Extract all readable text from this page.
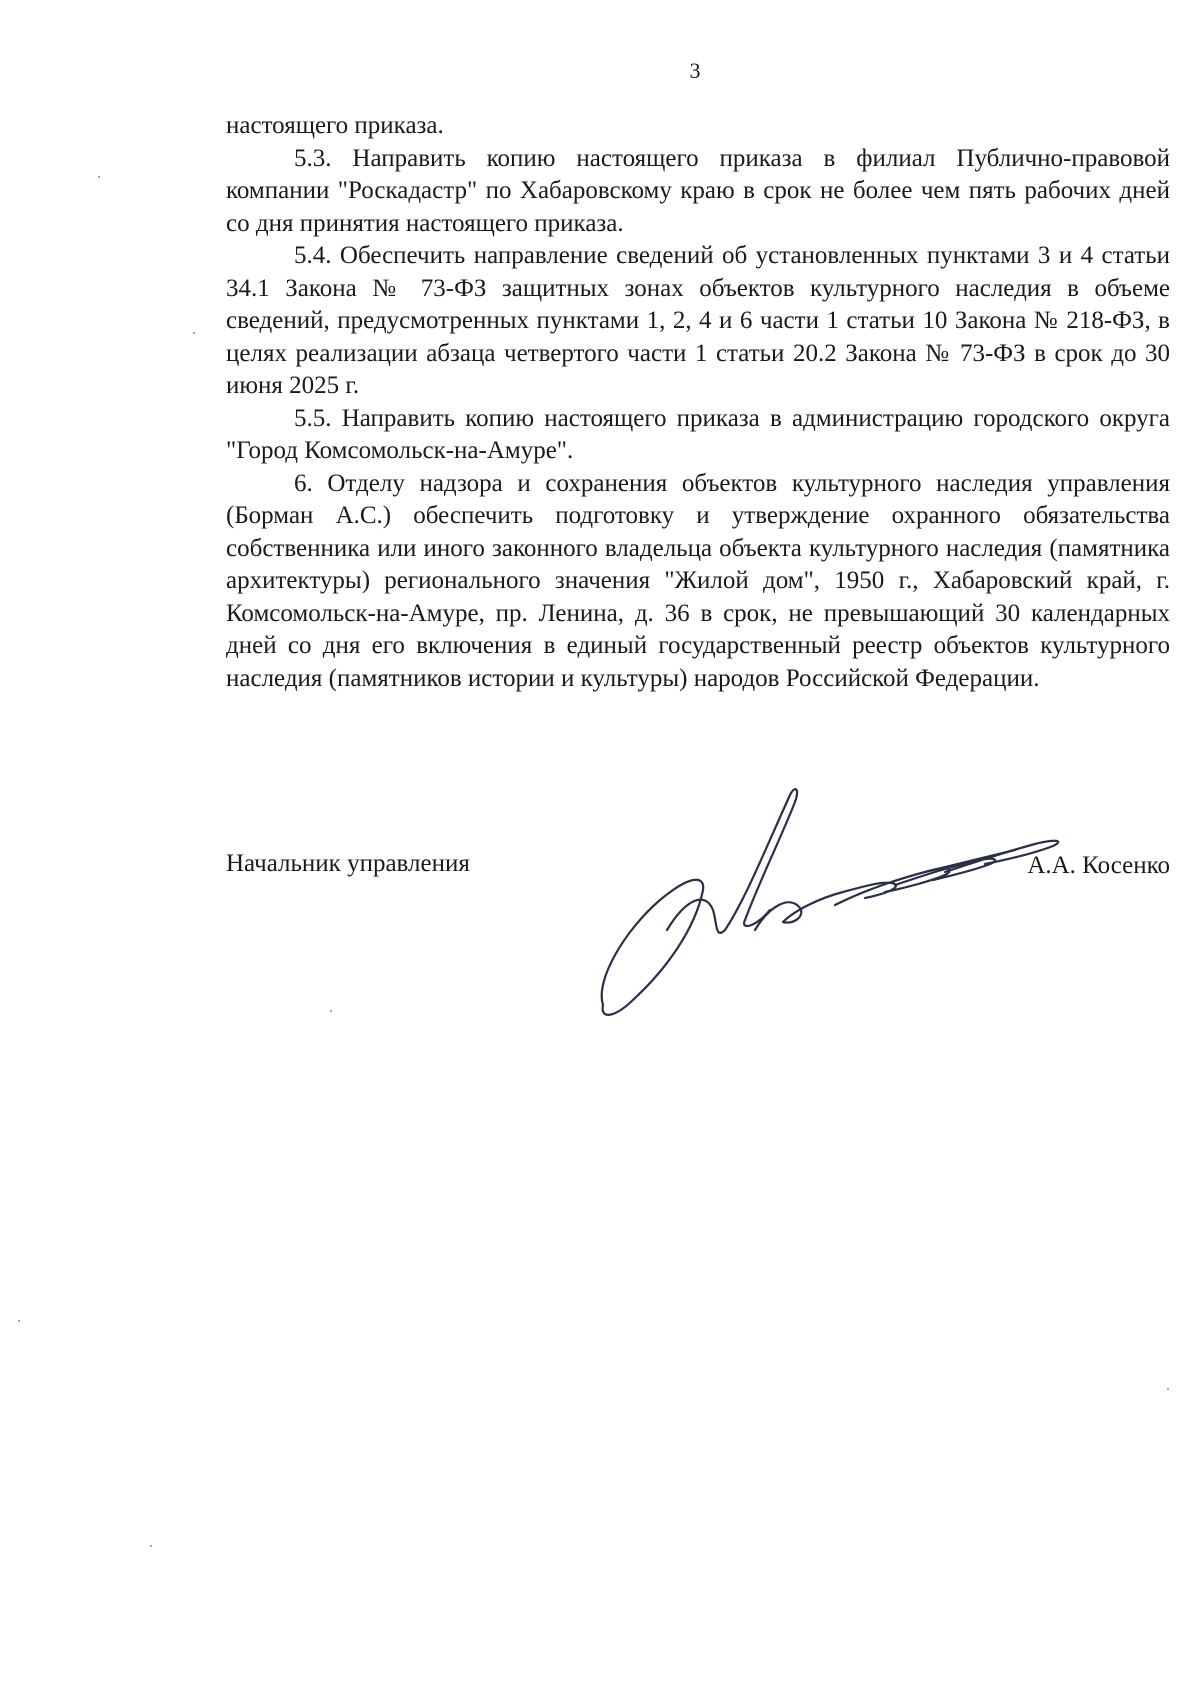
3

настоящего приказа.

5.3. Направить копию настоящего приказа в филиал Публично-правовой компании "Роскадастр" по Хабаровскому краю в срок не более чем пять рабочих дней со дня принятия настоящего приказа.

5.4. Обеспечить направление сведений об установленных пунктами 3 и 4 статьи 34.1 Закона № 73-ФЗ защитных зонах объектов культурного наследия в объеме сведений, предусмотренных пунктами 1, 2, 4 и 6 части 1 статьи 10 Закона № 218-ФЗ, в целях реализации абзаца четвертого части 1 статьи 20.2 Закона № 73-ФЗ в срок до 30 июня 2025 г.

5.5. Направить копию настоящего приказа в администрацию городского округа "Город Комсомольск-на-Амуре".

6. Отделу надзора и сохранения объектов культурного наследия управления (Борман А.С.) обеспечить подготовку и утверждение охранного обязательства собственника или иного законного владельца объекта культурного наследия (памятника архитектуры) регионального значения "Жилой дом", 1950 г., Хабаровский край, г. Комсомольск-на-Амуре, пр. Ленина, д. 36 в срок, не превышающий 30 календарных дней со дня его включения в единый государственный реестр объектов культурного наследия (памятников истории и культуры) народов Российской Федерации.

Начальник управления	А.А. Косенко
